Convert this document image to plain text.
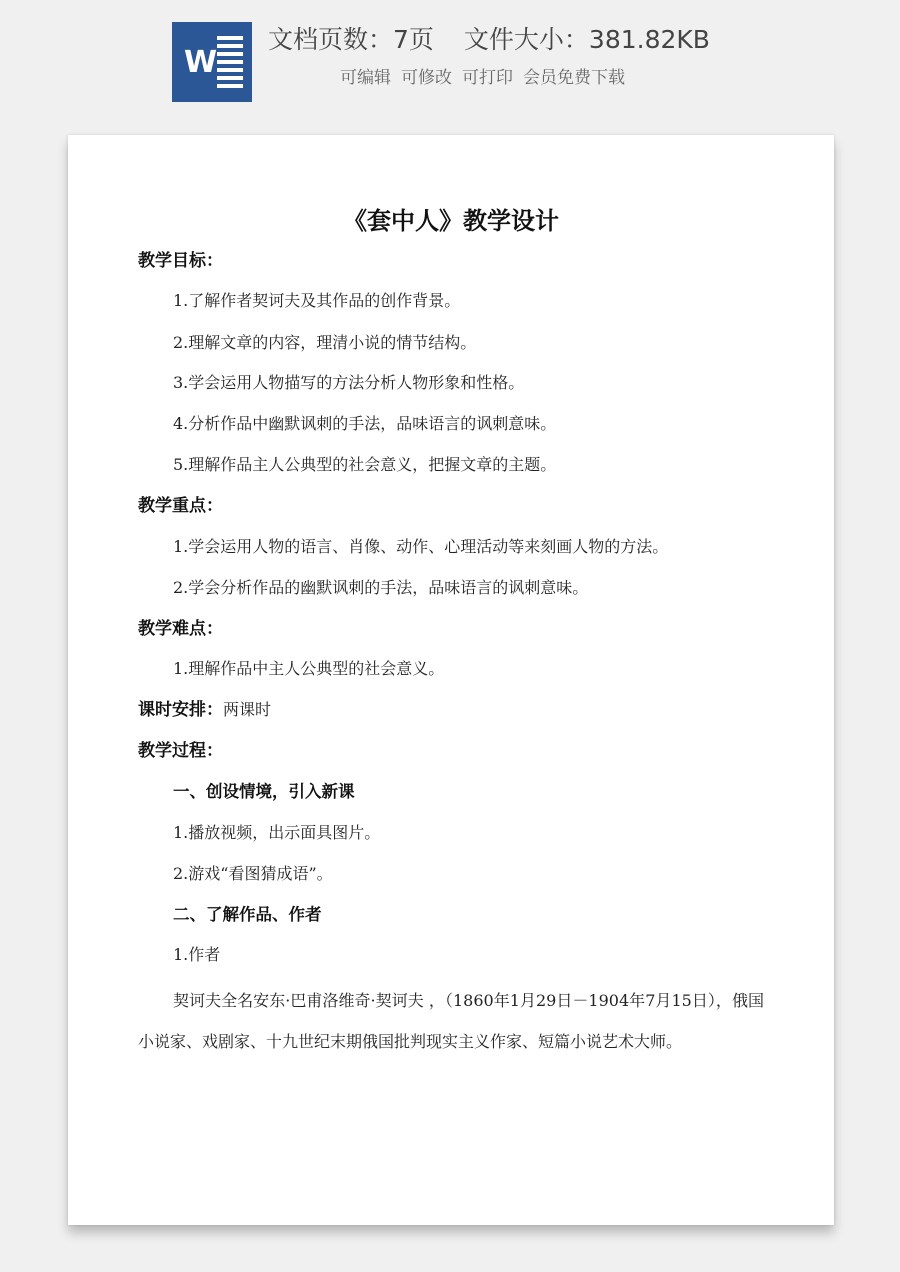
W
文档页数：7页 文件大小：381.82KB
可编辑 可修改 可打印 会员免费下载
《套中人》教学设计
教学目标：
1.了解作者契诃夫及其作品的创作背景。
2.理解文章的内容，理清小说的情节结构。
3.学会运用人物描写的方法分析人物形象和性格。
4.分析作品中幽默讽刺的手法，品味语言的讽刺意味。
5.理解作品主人公典型的社会意义，把握文章的主题。
教学重点：
1.学会运用人物的语言、肖像、动作、心理活动等来刻画人物的方法。
2.学会分析作品的幽默讽刺的手法，品味语言的讽刺意味。
教学难点：
1.理解作品中主人公典型的社会意义。
课时安排：两课时
教学过程：
一、创设情境，引入新课
1.播放视频，出示面具图片。
2.游戏“看图猜成语”。
二、了解作品、作者
1.作者
契诃夫全名安东·巴甫洛维奇·契诃夫 ，（1860年1月29日－1904年7月15日），俄国小说家、戏剧家、十九世纪末期俄国批判现实主义作家、短篇小说艺术大师。
